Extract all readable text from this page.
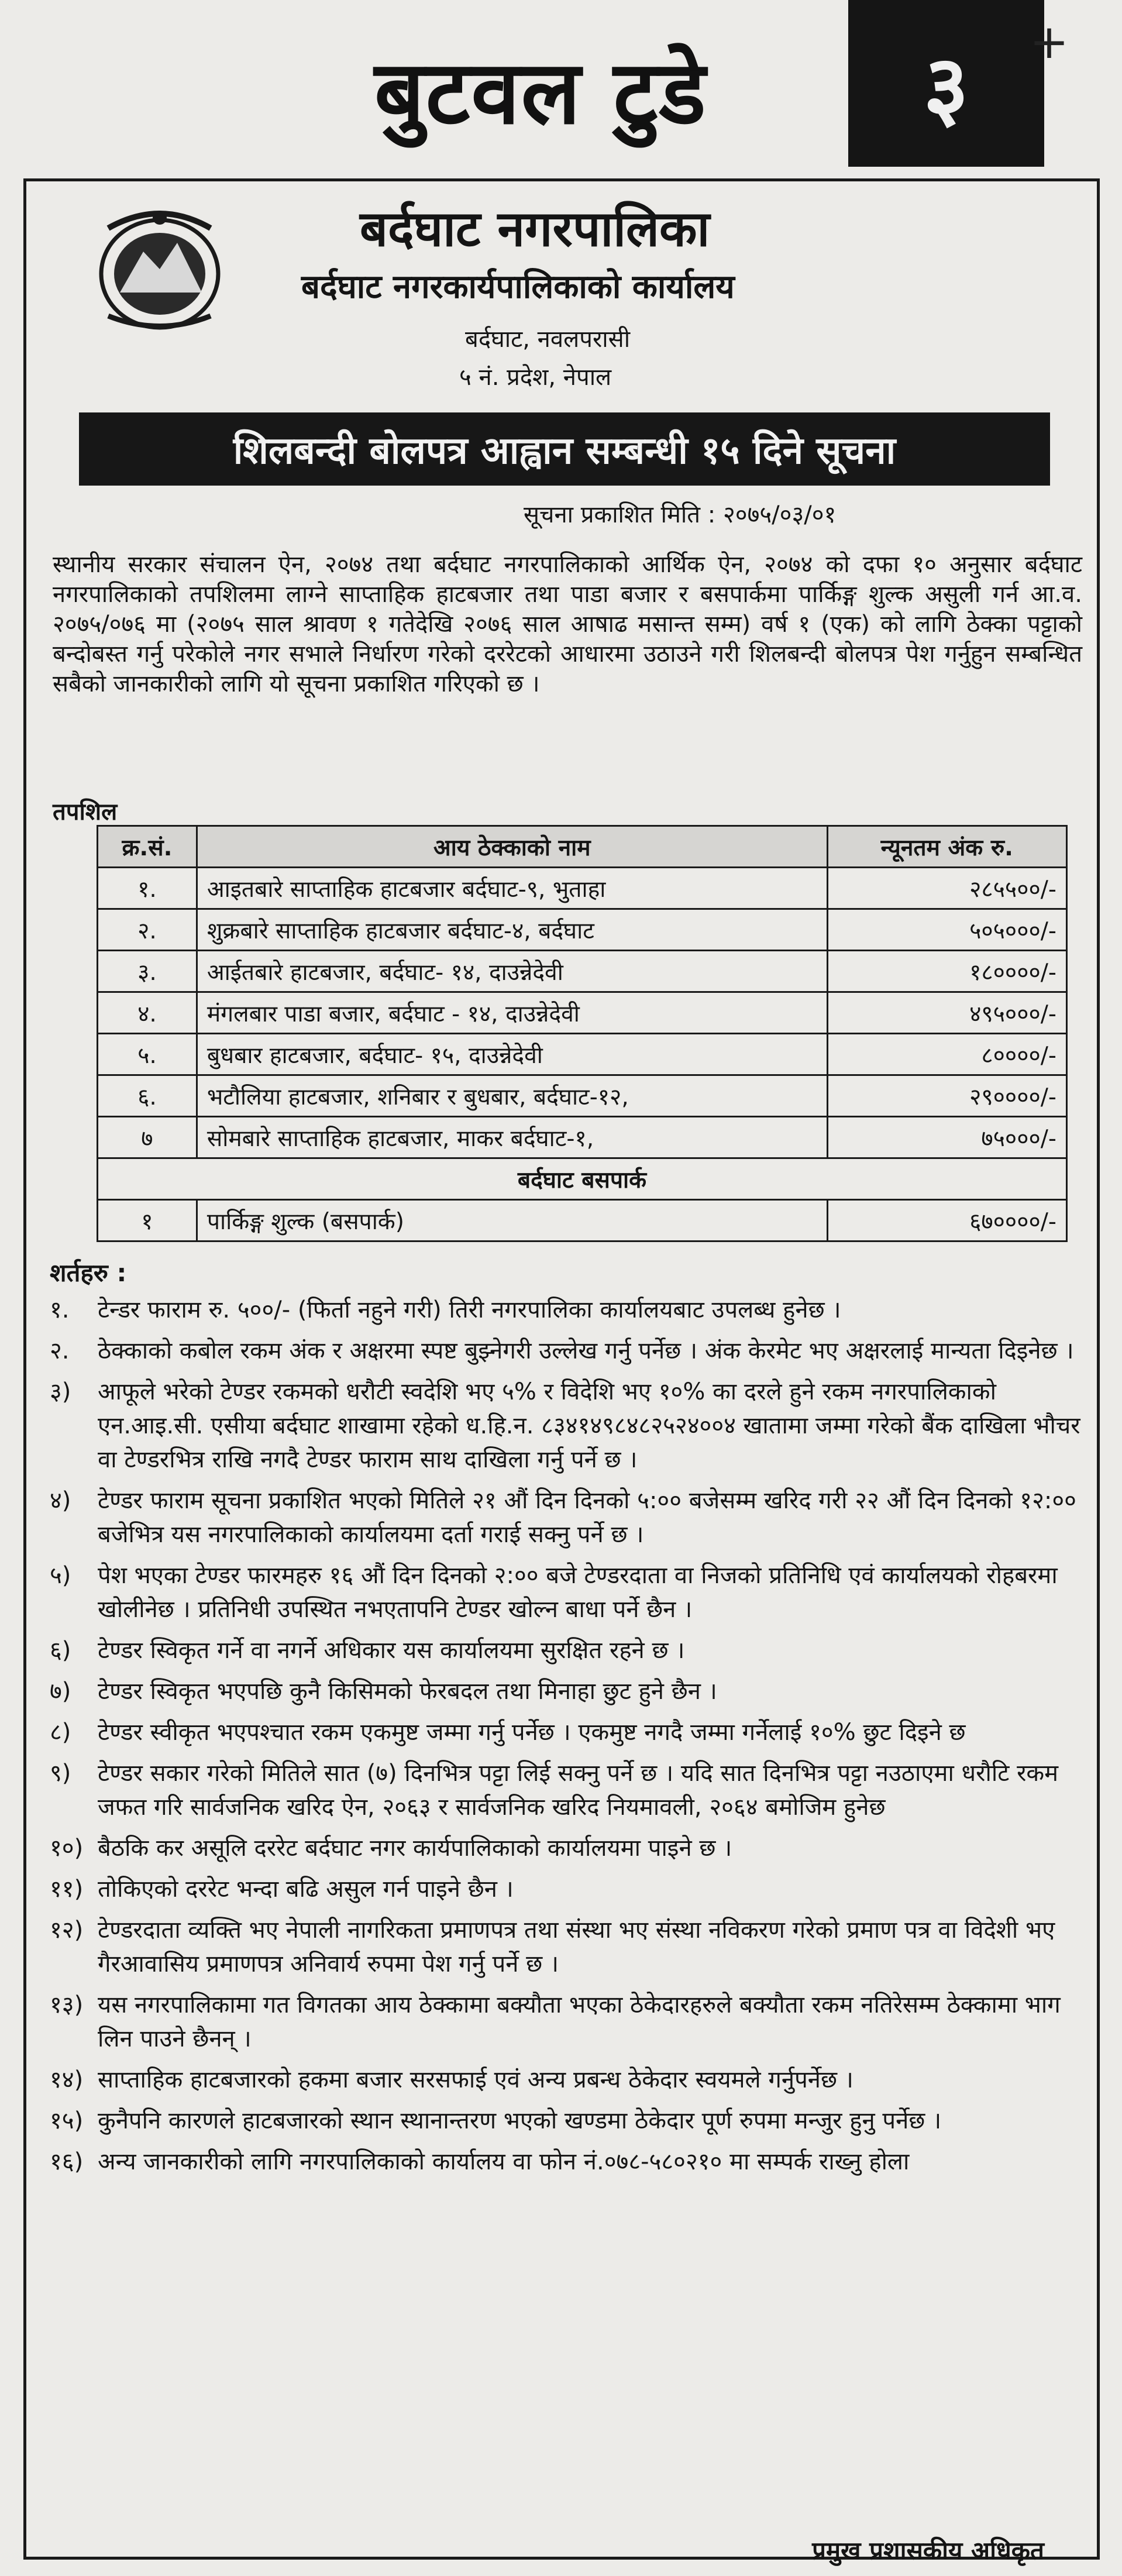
बुटवल टुडे ३ +
बर्दघाट नगरपालिका
बर्दघाट नगरकार्यपालिकाको कार्यालय
बर्दघाट, नवलपरासी
५ नं. प्रदेश, नेपाल
शिलबन्दी बोलपत्र आह्वान सम्बन्धी १५ दिने सूचना
सूचना प्रकाशित मिति : २०७५/०३/०१

स्थानीय सरकार संचालन ऐन, २०७४ तथा बर्दघाट नगरपालिकाको आर्थिक ऐन, २०७४ को दफा १० अनुसार बर्दघाट नगरपालिकाको तपशिलमा लाग्ने साप्ताहिक हाटबजार तथा पाडा बजार र बसपार्कमा पार्किङ्ग शुल्क असुली गर्न आ.व. २०७५/०७६ मा (२०७५ साल श्रावण १ गतेदेखि २०७६ साल आषाढ मसान्त सम्म) वर्ष १ (एक) को लागि ठेक्का पट्टाको बन्दोबस्त गर्नु परेकोले नगर सभाले निर्धारण गरेको दररेटको आधारमा उठाउने गरी शिलबन्दी बोलपत्र पेश गर्नुहुन सम्बन्धित सबैको जानकारीको लागि यो सूचना प्रकाशित गरिएको छ ।

तपशिल
क्र.सं.	आय ठेक्काको नाम	न्यूनतम अंक रु.
१.	आइतबारे साप्ताहिक हाटबजार बर्दघाट-९, भुताहा	२८५५००/-
२.	शुक्रबारे साप्ताहिक हाटबजार बर्दघाट-४, बर्दघाट	५०५०००/-
३.	आईतबारे हाटबजार, बर्दघाट- १४, दाउन्नेदेवी	१८००००/-
४.	मंगलबार पाडा बजार, बर्दघाट - १४, दाउन्नेदेवी	४९५०००/-
५.	बुधबार हाटबजार, बर्दघाट- १५, दाउन्नेदेवी	८००००/-
६.	भटौलिया हाटबजार, शनिबार र बुधबार, बर्दघाट-१२,	२९००००/-
७	सोमबारे साप्ताहिक हाटबजार, माकर बर्दघाट-१,	७५०००/-
बर्दघाट बसपार्क		
१	पार्किङ्ग शुल्क (बसपार्क)	६७००००/-
शर्तहरु :
१.	टेन्डर फाराम रु. ५००/- (फिर्ता नहुने गरी) तिरी नगरपालिका कार्यालयबाट उपलब्ध हुनेछ ।
२.	ठेक्काको कबोल रकम अंक र अक्षरमा स्पष्ट बुझ्नेगरी उल्लेख गर्नु पर्नेछ । अंक केरमेट भए अक्षरलाई मान्यता दिइनेछ ।
३)	आफूले भरेको टेण्डर रकमको धरौटी स्वदेशि भए ५% र विदेशि भए १०% का दरले हुने रकम नगरपालिकाको एन.आइ.सी. एसीया बर्दघाट शाखामा रहेको ध.हि.न. ८३४१४९८४८२५२४००४ खातामा जम्मा गरेको बैंक दाखिला भौचर वा टेण्डरभित्र राखि नगदै टेण्डर फाराम साथ दाखिला गर्नु पर्ने छ ।
४)	टेण्डर फाराम सूचना प्रकाशित भएको मितिले २१ औं दिन दिनको ५:०० बजेसम्म खरिद गरी २२ औं दिन दिनको १२:०० बजेभित्र यस नगरपालिकाको कार्यालयमा दर्ता गराई सक्नु पर्ने छ ।
५)	पेश भएका टेण्डर फारमहरु १६ औं दिन दिनको २:०० बजे टेण्डरदाता वा निजको प्रतिनिधि एवं कार्यालयको रोहबरमा खोलीनेछ । प्रतिनिधी उपस्थित नभएतापनि टेण्डर खोल्न बाधा पर्ने छैन ।
६)	टेण्डर स्विकृत गर्ने वा नगर्ने अधिकार यस कार्यालयमा सुरक्षित रहने छ ।
७)	टेण्डर स्विकृत भएपछि कुनै किसिमको फेरबदल तथा मिनाहा छुट हुने छैन ।
८)	टेण्डर स्वीकृत भएपश्चात रकम एकमुष्ट जम्मा गर्नु पर्नेछ । एकमुष्ट नगदै जम्मा गर्नेलाई १०% छुट दिइने छ
९)	टेण्डर सकार गरेको मितिले सात (७) दिनभित्र पट्टा लिई सक्नु पर्ने छ । यदि सात दिनभित्र पट्टा नउठाएमा धरौटि रकम जफत गरि सार्वजनिक खरिद ऐन, २०६३ र सार्वजनिक खरिद नियमावली, २०६४ बमोजिम हुनेछ
१०) बैठकि कर असूलि दररेट बर्दघाट नगर कार्यपालिकाको कार्यालयमा पाइने छ ।
११) तोकिएको दररेट भन्दा बढि असुल गर्न पाइने छैन ।
१२) टेण्डरदाता व्यक्ति भए नेपाली नागरिकता प्रमाणपत्र तथा संस्था भए संस्था नविकरण गरेको प्रमाण पत्र वा विदेशी भए गैरआवासिय प्रमाणपत्र अनिवार्य रुपमा पेश गर्नु पर्ने छ ।
१३) यस नगरपालिकामा गत विगतका आय ठेक्कामा बक्यौता भएका ठेकेदारहरुले बक्यौता रकम नतिरेसम्म ठेक्कामा भाग लिन पाउने छैनन् ।
१४) साप्ताहिक हाटबजारको हकमा बजार सरसफाई एवं अन्य प्रबन्ध ठेकेदार स्वयमले गर्नुपर्नेछ ।
१५) कुनैपनि कारणले हाटबजारको स्थान स्थानान्तरण भएको खण्डमा ठेकेदार पूर्ण रुपमा मन्जुर हुनु पर्नेछ ।
१६) अन्य जानकारीको लागि नगरपालिकाको कार्यालय वा फोन नं.०७८-५८०२१० मा सम्पर्क राख्नु होला
प्रमुख प्रशासकीय अधिकृत
